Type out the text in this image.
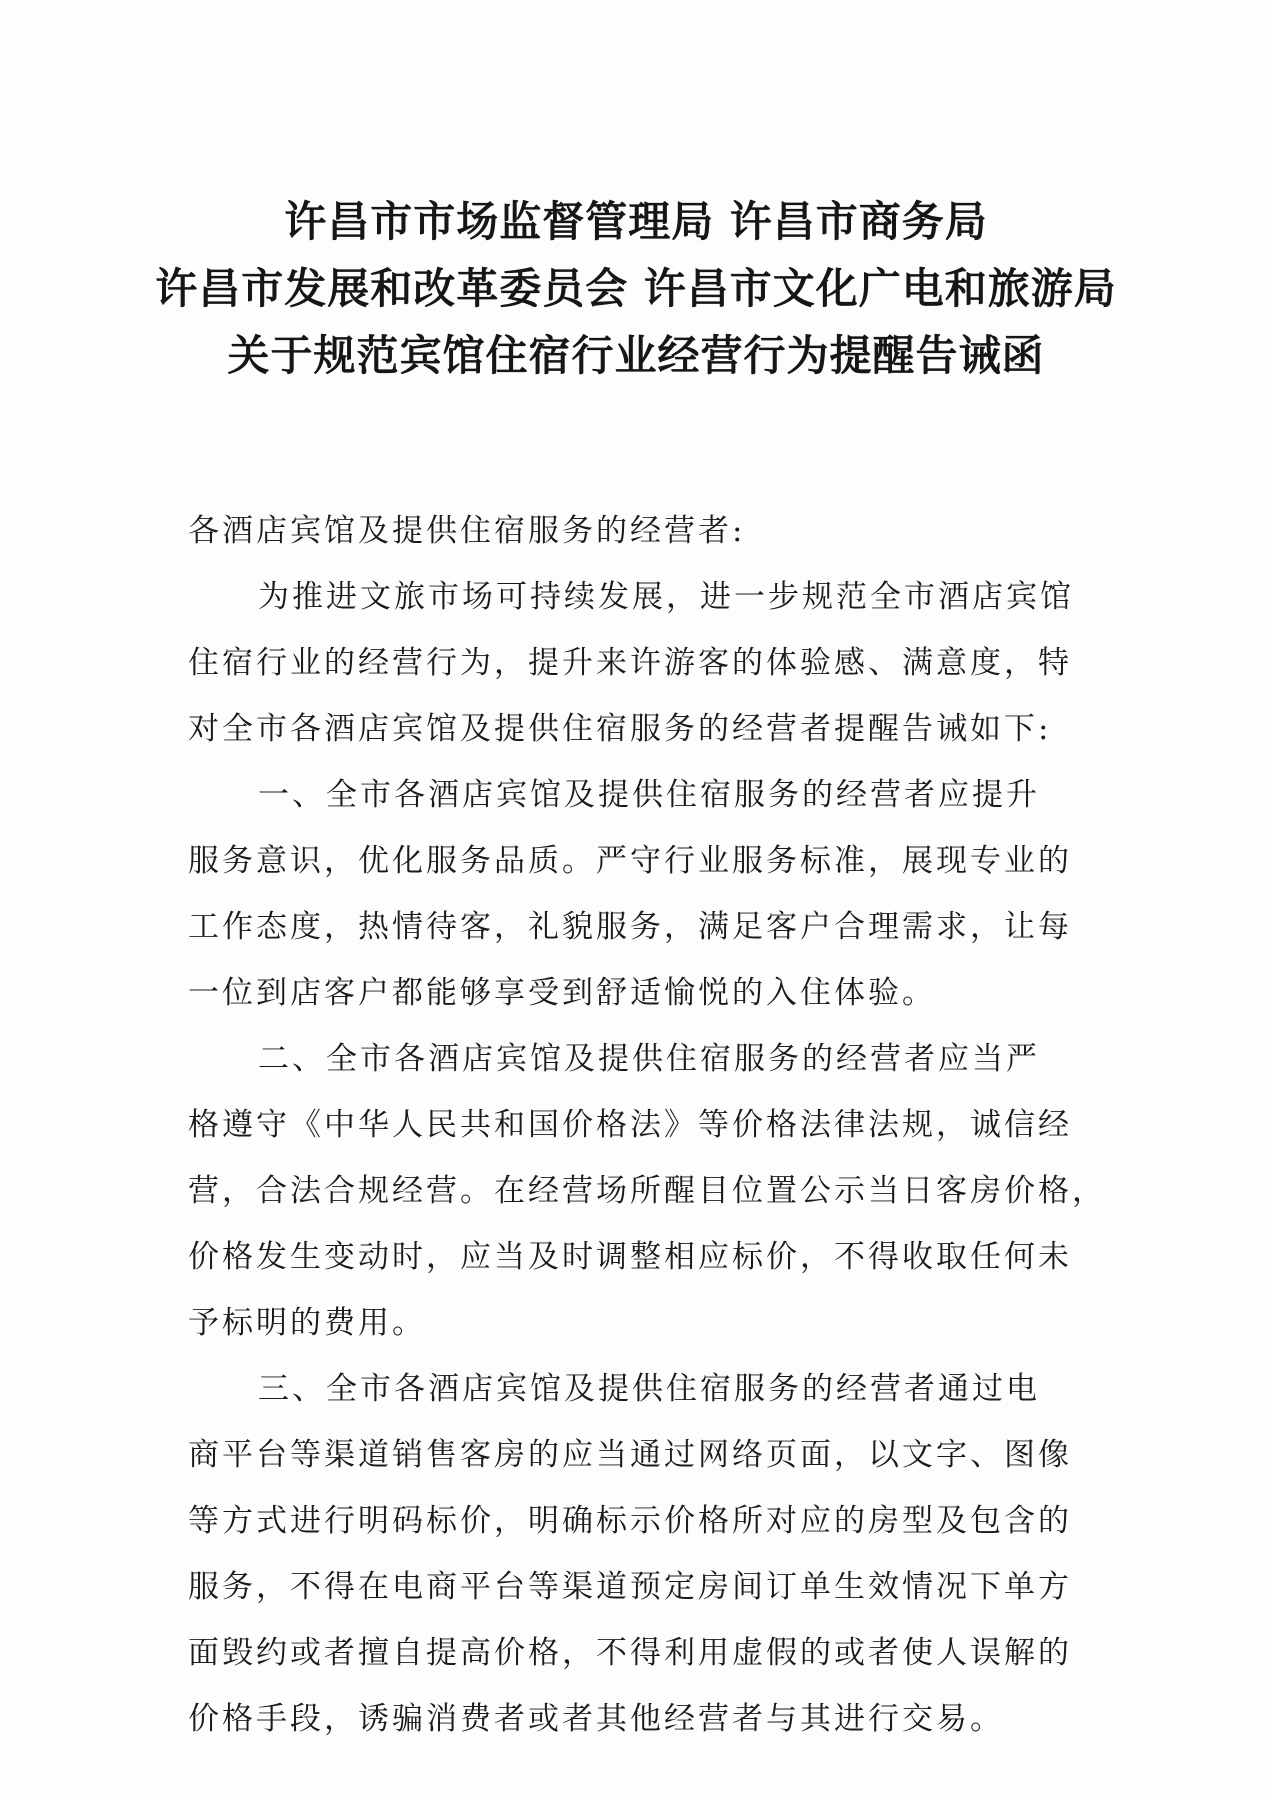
许昌市市场监督管理局 许昌市商务局
许昌市发展和改革委员会 许昌市文化广电和旅游局
关于规范宾馆住宿行业经营行为提醒告诫函

各酒店宾馆及提供住宿服务的经营者:

为推进文旅市场可持续发展，进一步规范全市酒店宾馆
住宿行业的经营行为，提升来许游客的体验感、满意度，特
对全市各酒店宾馆及提供住宿服务的经营者提醒告诫如下:
一、全市各酒店宾馆及提供住宿服务的经营者应提升
服务意识，优化服务品质。严守行业服务标准，展现专业的
工作态度，热情待客，礼貌服务，满足客户合理需求，让每
一位到店客户都能够享受到舒适愉悦的入住体验。
二、全市各酒店宾馆及提供住宿服务的经营者应当严
格遵守《中华人民共和国价格法》等价格法律法规，诚信经
营，合法合规经营。在经营场所醒目位置公示当日客房价格，
价格发生变动时，应当及时调整相应标价，不得收取任何未
予标明的费用。
三、全市各酒店宾馆及提供住宿服务的经营者通过电
商平台等渠道销售客房的应当通过网络页面，以文字、图像
等方式进行明码标价，明确标示价格所对应的房型及包含的
服务，不得在电商平台等渠道预定房间订单生效情况下单方
面毁约或者擅自提高价格，不得利用虚假的或者使人误解的
价格手段，诱骗消费者或者其他经营者与其进行交易。
